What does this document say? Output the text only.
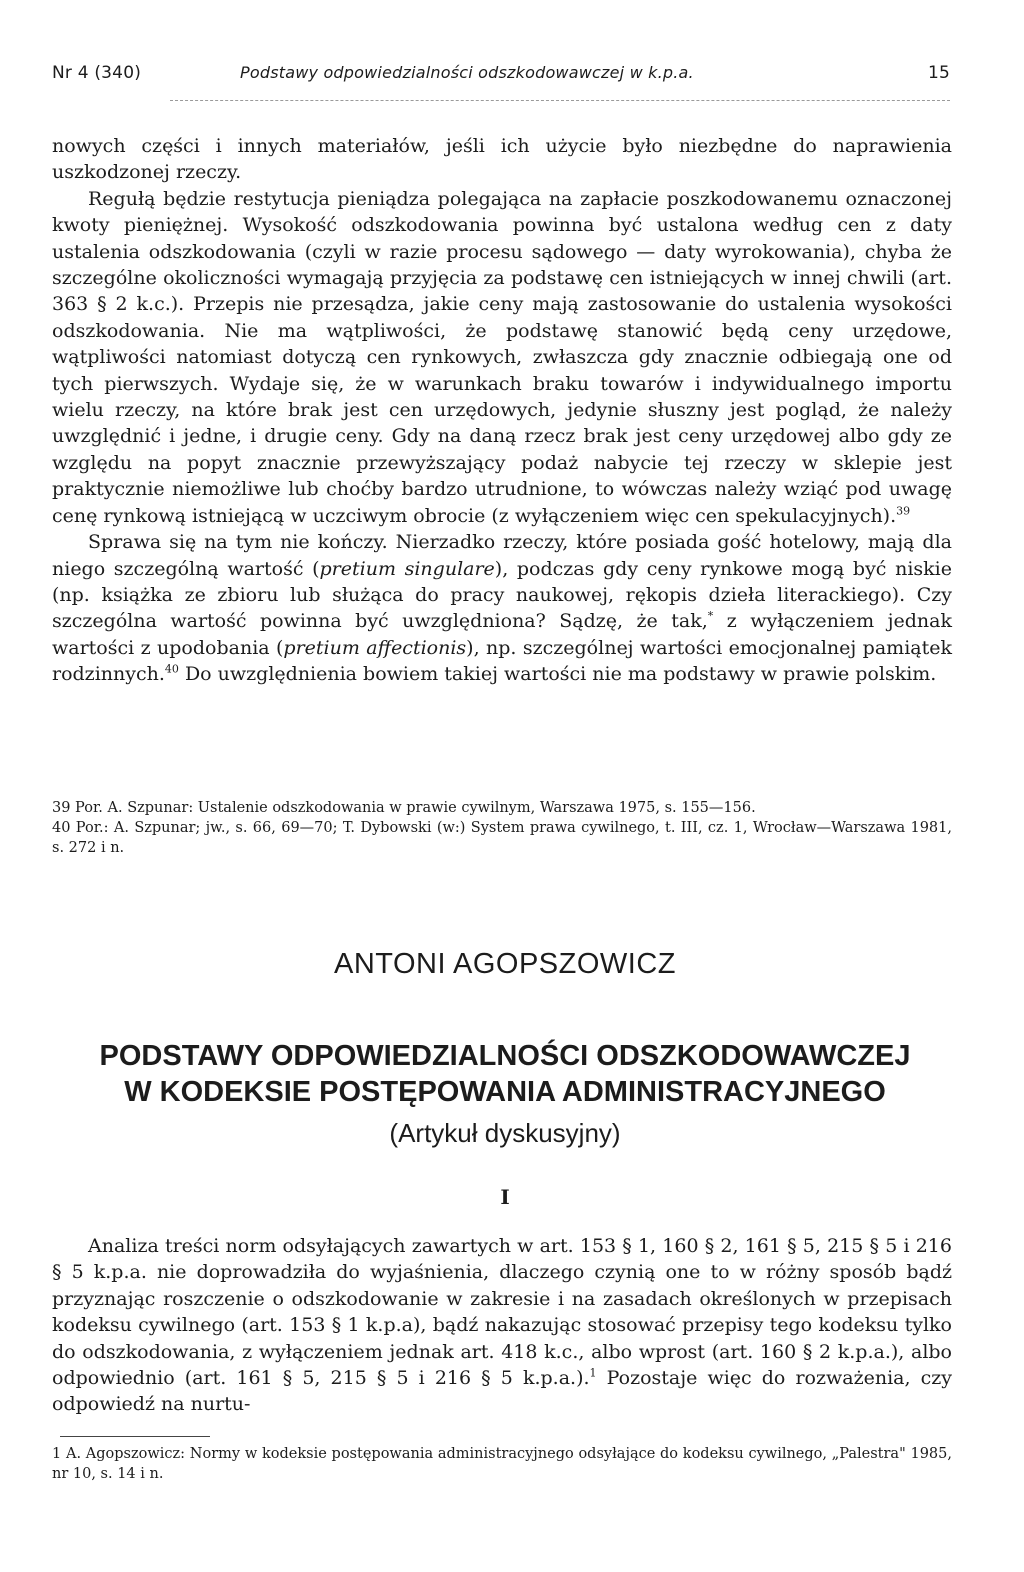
Nr 4 (340)	Podstawy odpowiedzialności odszkodowawczej w k.p.a.	15

nowych części i innych materiałów, jeśli ich użycie było niezbędne do naprawienia uszkodzonej rzeczy.

Regułą będzie restytucja pieniądza polegająca na zapłacie poszkodowanemu oznaczonej kwoty pieniężnej. Wysokość odszkodowania powinna być ustalona według cen z daty ustalenia odszkodowania (czyli w razie procesu sądowego — daty wyrokowania), chyba że szczególne okoliczności wymagają przyjęcia za podstawę cen istniejących w innej chwili (art. 363 § 2 k.c.). Przepis nie przesądza, jakie ceny mają zastosowanie do ustalenia wysokości odszkodowania. Nie ma wątpliwości, że podstawę stanowić będą ceny urzędowe, wątpliwości natomiast dotyczą cen rynkowych, zwłaszcza gdy znacznie odbiegają one od tych pierwszych. Wydaje się, że w warunkach braku towarów i indywidualnego importu wielu rzeczy, na które brak jest cen urzędowych, jedynie słuszny jest pogląd, że należy uwzględnić i jedne, i drugie ceny. Gdy na daną rzecz brak jest ceny urzędowej albo gdy ze względu na popyt znacznie przewyższający podaż nabycie tej rzeczy w sklepie jest praktycznie niemożliwe lub choćby bardzo utrudnione, to wówczas należy wziąć pod uwagę cenę rynkową istniejącą w uczciwym obrocie (z wyłączeniem więc cen spekulacyjnych).$^{39}$

Sprawa się na tym nie kończy. Nierzadko rzeczy, które posiada gość hotelowy, mają dla niego szczególną wartość (pretium singulare), podczas gdy ceny rynkowe mogą być niskie (np. książka ze zbioru lub służąca do pracy naukowej, rękopis dzieła literackiego). Czy szczególna wartość powinna być uwzględniona? Sądzę, że tak,* z wyłączeniem jednak wartości z upodobania (pretium affectionis), np. szczególnej wartości emocjonalnej pamiątek rodzinnych.$^{40}$ Do uwzględnienia bowiem takiej wartości nie ma podstawy w prawie polskim.

39 Por. A. Szpunar: Ustalenie odszkodowania w prawie cywilnym, Warszawa 1975, s. 155—156.

40 Por.: A. Szpunar; jw., s. 66, 69—70; T. Dybowski (w:) System prawa cywilnego, t. III, cz. 1, Wrocław—Warszawa 1981, s. 272 i n.

ANTONI AGOPSZOWICZ
PODSTAWY ODPOWIEDZIALNOŚCI ODSZKODOWAWCZEJ
W KODEKSIE POSTĘPOWANIA ADMINISTRACYJNEGO
(Artykuł dyskusyjny)
I

Analiza treści norm odsyłających zawartych w art. 153 § 1, 160 § 2, 161 § 5, 215 § 5 i 216 § 5 k.p.a. nie doprowadziła do wyjaśnienia, dlaczego czynią one to w różny sposób bądź przyznając roszczenie o odszkodowanie w zakresie i na zasadach określonych w przepisach kodeksu cywilnego (art. 153 § 1 k.p.a), bądź nakazując stosować przepisy tego kodeksu tylko do odszkodowania, z wyłączeniem jednak art. 418 k.c., albo wprost (art. 160 § 2 k.p.a.), albo odpowiednio (art. 161 § 5, 215 § 5 i 216 § 5 k.p.a.).$^1$ Pozostaje więc do rozważenia, czy odpowiedź na nurtu-

1 A. Agopszowicz: Normy w kodeksie postępowania administracyjnego odsyłające do kodeksu cywilnego, „Palestra" 1985, nr 10, s. 14 i n.
